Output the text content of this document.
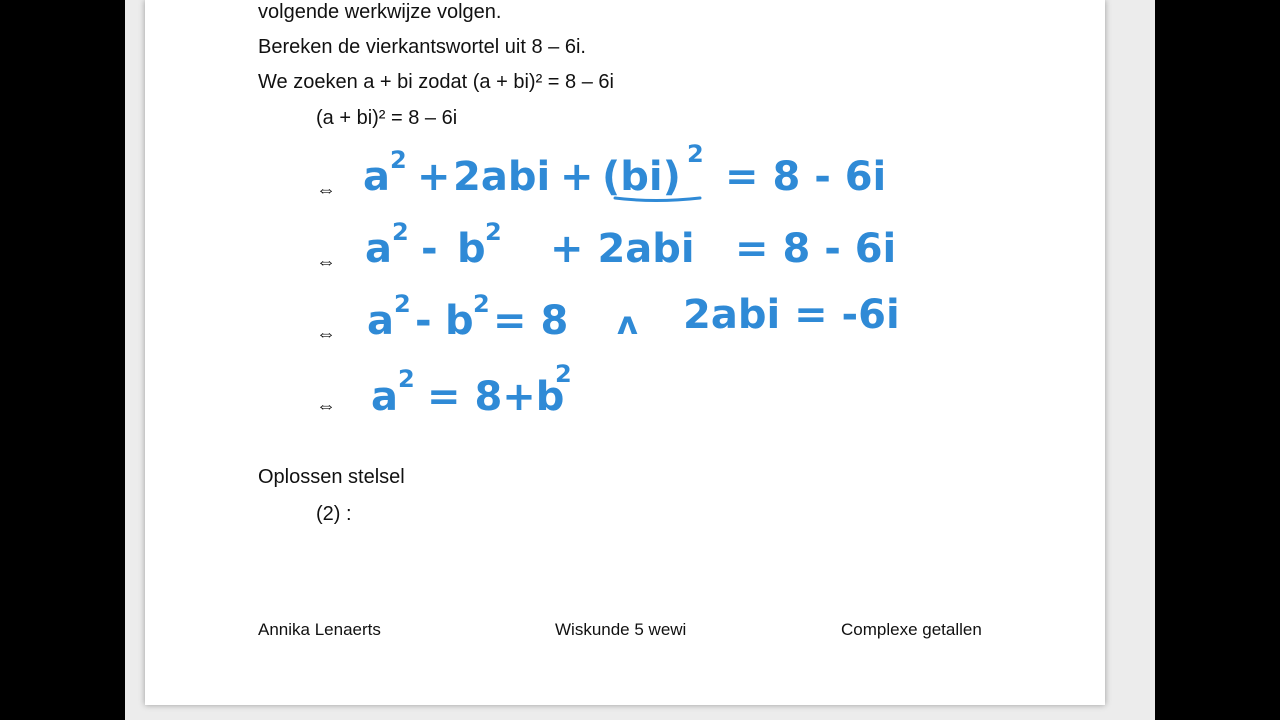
volgende werkwijze volgen.
Bereken de vierkantswortel uit 8 – 6i.
We zoeken a + bi zodat (a + bi)² = 8 – 6i
(a + bi)² = 8 – 6i
⇔
⇔
⇔
⇔
Oplossen stelsel
(2) :
a 2 + 2abi + (bi) 2 = 8 - 6i
a 2 - b 2 + 2abi = 8 - 6i
a 2 - b 2 = 8 ʌ 2abi = -6i
a 2 = 8+b
2
Annika Lenaerts	Wiskunde 5 wewi	Complexe getallen
